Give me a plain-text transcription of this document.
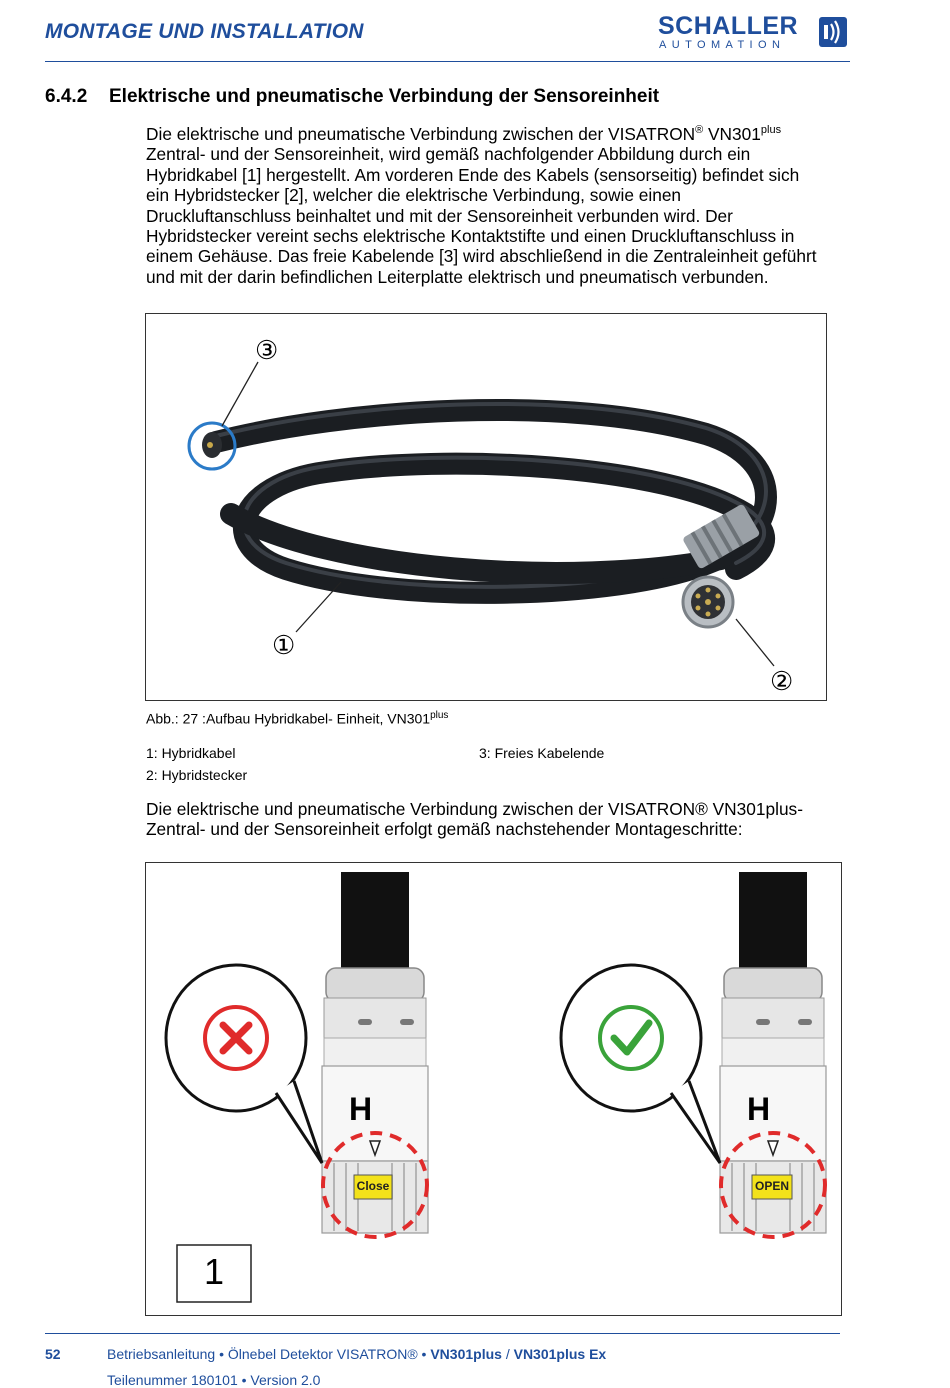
MONTAGE UND INSTALLATION	SCHALLER
AUTOMATION
6.4.2 Elektrische und pneumatische Verbindung der Sensoreinheit

Die elektrische und pneumatische Verbindung zwischen der VISATRON® $VN301^{plus}$

Zentral- und der Sensoreinheit, wird gemäß nachfolgender Abbildung durch ein

Hybridkabel [1] hergestellt. Am vorderen Ende des Kabels (sensorseitig) befindet sich

ein Hybridstecker [2], welcher die elektrische Verbindung, sowie einen

Druckluftanschluss beinhaltet und mit der Sensoreinheit verbunden wird. Der

Hybridstecker vereint sechs elektrische Kontaktstifte und einen Druckluftanschluss in

einem Gehäuse. Das freie Kabelende [3] wird abschließend in die Zentraleinheit geführt

und mit der darin befindlichen Leiterplatte elektrisch und pneumatisch verbunden.

③
①
②
Abb.: 27 :Aufbau Hybridkabel- Einheit, $VN301^{plus}$
1: Hybridkabel	3: Freies Kabelende
2: Hybridstecker

Die elektrische und pneumatische Verbindung zwischen der VISATRON® VN301plus-

Zentral- und der Sensoreinheit erfolgt gemäß nachstehender Montageschritte:

H	H
Close	OPEN
1
52	Betriebsanleitung • Ölnebel Detektor VISATRON® • VN301plus / VN301plus Ex
Teilenummer 180101 • Version 2.0
